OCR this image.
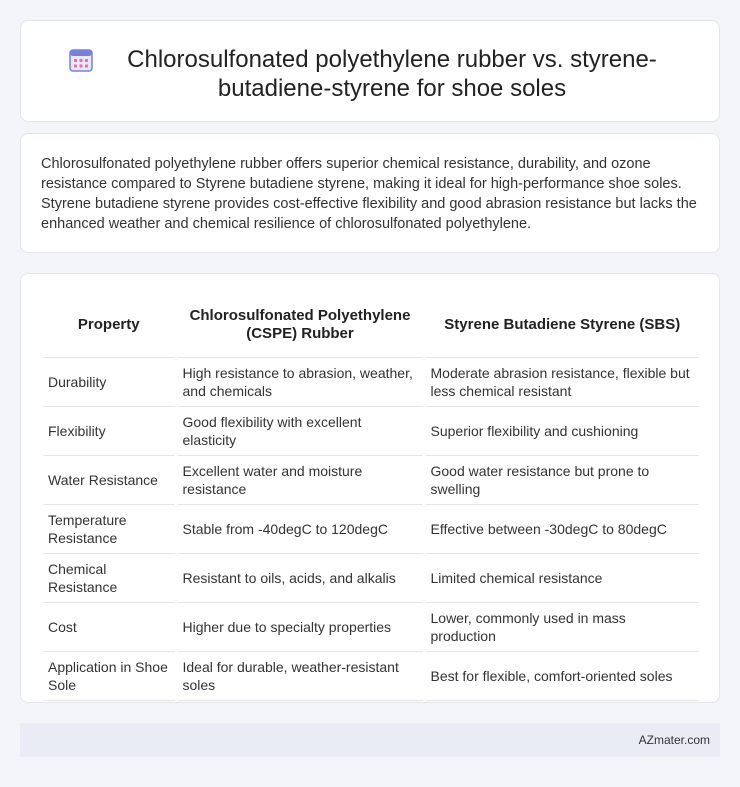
Chlorosulfonated polyethylene rubber vs. styrene-butadiene-styrene for shoe soles

Chlorosulfonated polyethylene rubber offers superior chemical resistance, durability, and ozone resistance compared to Styrene butadiene styrene, making it ideal for high-performance shoe soles. Styrene butadiene styrene provides cost-effective flexibility and good abrasion resistance but lacks the enhanced weather and chemical resilience of chlorosulfonated polyethylene.

Property	Chlorosulfonated Polyethylene (CSPE) Rubber	Styrene Butadiene Styrene (SBS)
Durability	High resistance to abrasion, weather, and chemicals	Moderate abrasion resistance, flexible but less chemical resistant
Flexibility	Good flexibility with excellent elasticity	Superior flexibility and cushioning
Water Resistance	Excellent water and moisture resistance	Good water resistance but prone to swelling
Temperature Resistance	Stable from -40degC to 120degC	Effective between -30degC to 80degC
Chemical Resistance	Resistant to oils, acids, and alkalis	Limited chemical resistance
Cost	Higher due to specialty properties	Lower, commonly used in mass production
Application in Shoe Sole	Ideal for durable, weather-resistant soles	Best for flexible, comfort-oriented soles
AZmater.com
